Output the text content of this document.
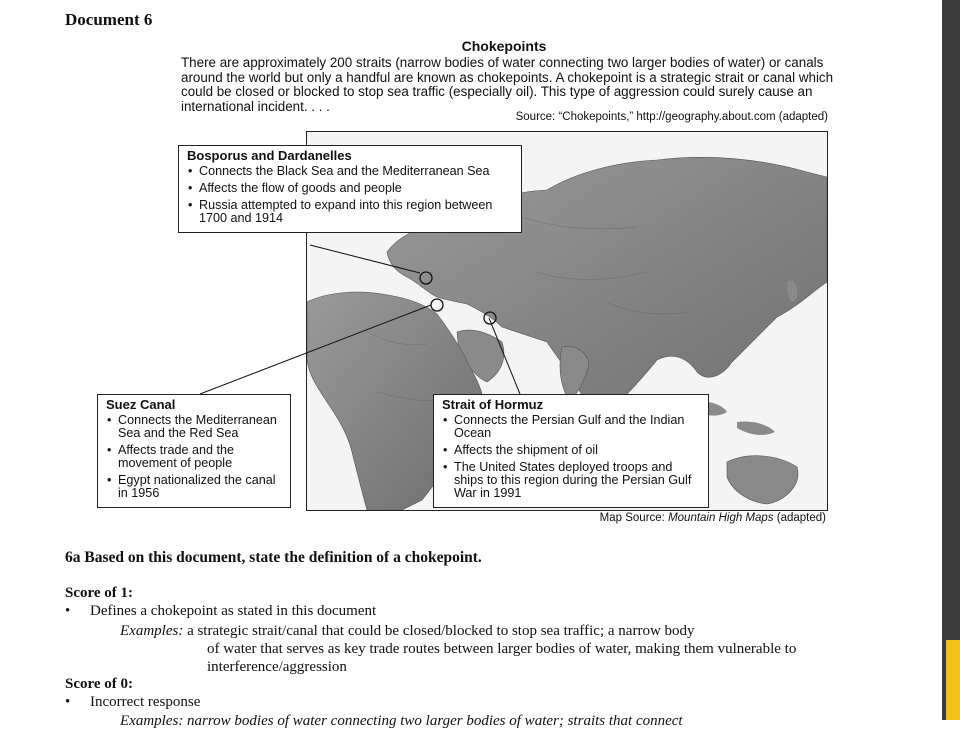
Document 6
Chokepoints
There are approximately 200 straits (narrow bodies of water connecting two larger bodies of water) or canals around the world but only a handful are known as chokepoints. A chokepoint is a strategic strait or canal which could be closed or blocked to stop sea traffic (especially oil). This type of aggression could surely cause an international incident. . . .
Source: “Chokepoints,” http://geography.about.com (adapted)
Bosporus and Dardanelles
• Connects the Black Sea and the Mediterranean Sea
• Affects the flow of goods and people
• Russia attempted to expand into this region between 1700 and 1914
Suez Canal
• Connects the Mediterranean Sea and the Red Sea
• Affects trade and the movement of people
• Egypt nationalized the canal in 1956
Strait of Hormuz
• Connects the Persian Gulf and the Indian Ocean
• Affects the shipment of oil
• The United States deployed troops and ships to this region during the Persian Gulf War in 1991
Map Source: Mountain High Maps (adapted)
6a Based on this document, state the definition of a chokepoint.
Score of 1:
• Defines a chokepoint as stated in this document
Examples: a strategic strait/canal that could be closed/blocked to stop sea traffic; a narrow body
of water that serves as key trade routes between larger bodies of water, making them vulnerable to interference/aggression
Score of 0:
• Incorrect response
Examples: narrow bodies of water connecting two larger bodies of water; straits that connect
